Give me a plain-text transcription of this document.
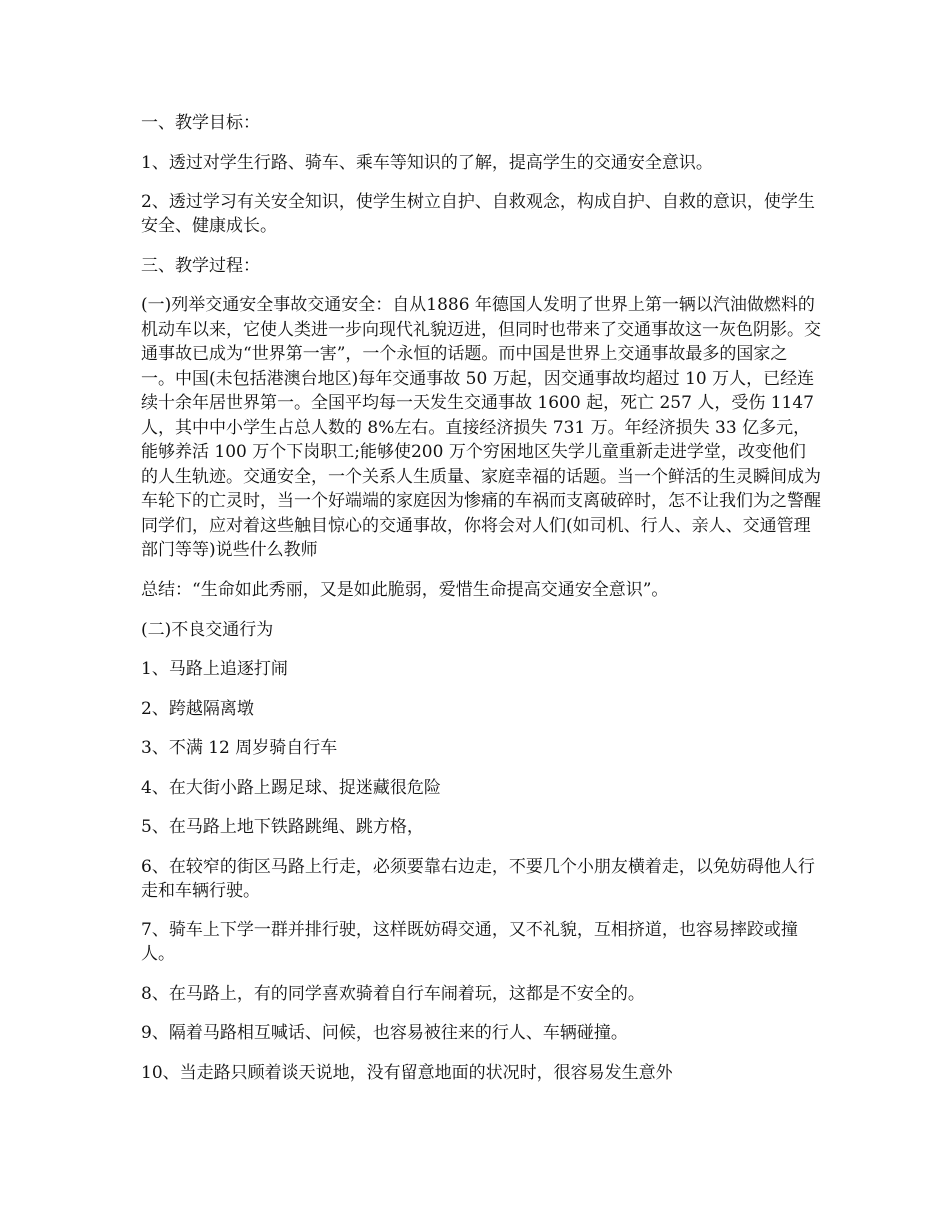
一、教学目标：

1、透过对学生行路、骑车、乘车等知识的了解，提高学生的交通安全意识。

2、透过学习有关安全知识，使学生树立自护、自救观念，构成自护、自救的意识，使学生安全、健康成长。

三、教学过程：

(一)列举交通安全事故交通安全：自从1886 年德国人发明了世界上第一辆以汽油做燃料的机动车以来，它使人类进一步向现代礼貌迈进，但同时也带来了交通事故这一灰色阴影。交通事故已成为“世界第一害”，一个永恒的话题。而中国是世界上交通事故最多的国家之一。中国(未包括港澳台地区)每年交通事故 50 万起，因交通事故均超过 10 万人，已经连续十余年居世界第一。全国平均每一天发生交通事故 1600 起，死亡 257 人，受伤 1147 人，其中中小学生占总人数的 8%左右。直接经济损失 731 万。年经济损失 33 亿多元，能够养活 100 万个下岗职工;能够使200 万个穷困地区失学儿童重新走进学堂，改变他们的人生轨迹。交通安全，一个关系人生质量、家庭幸福的话题。当一个鲜活的生灵瞬间成为车轮下的亡灵时，当一个好端端的家庭因为惨痛的车祸而支离破碎时，怎不让我们为之警醒同学们，应对着这些触目惊心的交通事故，你将会对人们(如司机、行人、亲人、交通管理部门等等)说些什么教师

总结：“生命如此秀丽，又是如此脆弱，爱惜生命提高交通安全意识”。

(二)不良交通行为

1、马路上追逐打闹

2、跨越隔离墩

3、不满 12 周岁骑自行车

4、在大街小路上踢足球、捉迷藏很危险

5、在马路上地下铁路跳绳、跳方格，

6、在较窄的街区马路上行走，必须要靠右边走，不要几个小朋友横着走，以免妨碍他人行走和车辆行驶。

7、骑车上下学一群并排行驶，这样既妨碍交通，又不礼貌，互相挤道，也容易摔跤或撞人。

8、在马路上，有的同学喜欢骑着自行车闹着玩，这都是不安全的。

9、隔着马路相互喊话、问候，也容易被往来的行人、车辆碰撞。

10、当走路只顾着谈天说地，没有留意地面的状况时，很容易发生意外
